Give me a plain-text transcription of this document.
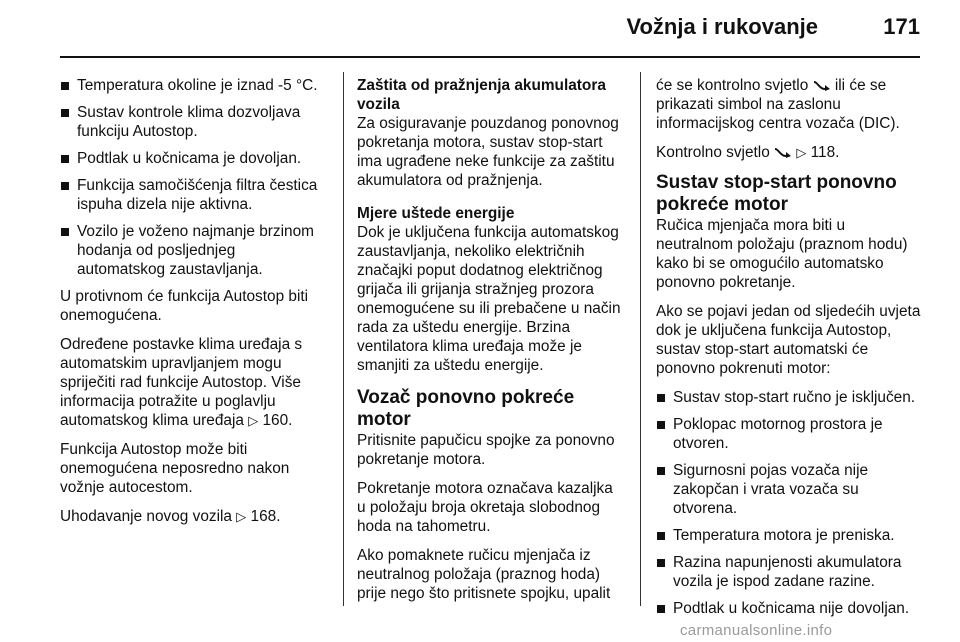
Vožnja i rukovanje	171
Temperatura okoline je iznad -5 °C.
Sustav kontrole klima dozvoljava funkciju Autostop.
Podtlak u kočnicama je dovoljan.
Funkcija samočišćenja filtra čestica ispuha dizela nije aktivna.
Vozilo je voženo najmanje brzinom hodanja od posljednjeg automatskog zaustavljanja.

U protivnom će funkcija Autostop biti onemogućena.

Određene postavke klima uređaja s automatskim upravljanjem mogu spriječiti rad funkcije Autostop. Više informacija potražite u poglavlju automatskog klima uređaja ▷ 160.

Funkcija Autostop može biti onemogućena neposredno nakon vožnje autocestom.

Uhodavanje novog vozila ▷ 168.

Zaštita od pražnjenja akumulatora vozila

Za osiguravanje pouzdanog ponovnog pokretanja motora, sustav stop-start ima ugrađene neke funkcije za zaštitu akumulatora od pražnjenja.

Mjere uštede energije

Dok je uključena funkcija automatskog zaustavljanja, nekoliko električnih značajki poput dodatnog električnog grijača ili grijanja stražnjeg prozora onemogućene su ili prebačene u način rada za uštedu energije. Brzina ventilatora klima uređaja može je smanjiti za uštedu energije.

Vozač ponovno pokreće motor

Pritisnite papučicu spojke za ponovno pokretanje motora.

Pokretanje motora označava kazaljka u položaju broja okretaja slobodnog hoda na tahometru.

Ako pomaknete ručicu mjenjača iz neutralnog položaja (praznog hoda) prije nego što pritisnete spojku, upalit

će se kontrolno svjetlo ili će se prikazati simbol na zaslonu informacijskog centra vozača (DIC).

Kontrolno svjetlo ▷ 118.

Sustav stop-start ponovno pokreće motor

Ručica mjenjača mora biti u neutralnom položaju (praznom hodu) kako bi se omogućilo automatsko ponovno pokretanje.

Ako se pojavi jedan od sljedećih uvjeta dok je uključena funkcija Autostop, sustav stop-start automatski će ponovno pokrenuti motor:

Sustav stop-start ručno je isključen.
Poklopac motornog prostora je otvoren.
Sigurnosni pojas vozača nije zakopčan i vrata vozača su otvorena.
Temperatura motora je preniska.
Razina napunjenosti akumulatora vozila je ispod zadane razine.
Podtlak u kočnicama nije dovoljan.
carmanualsonline.info
